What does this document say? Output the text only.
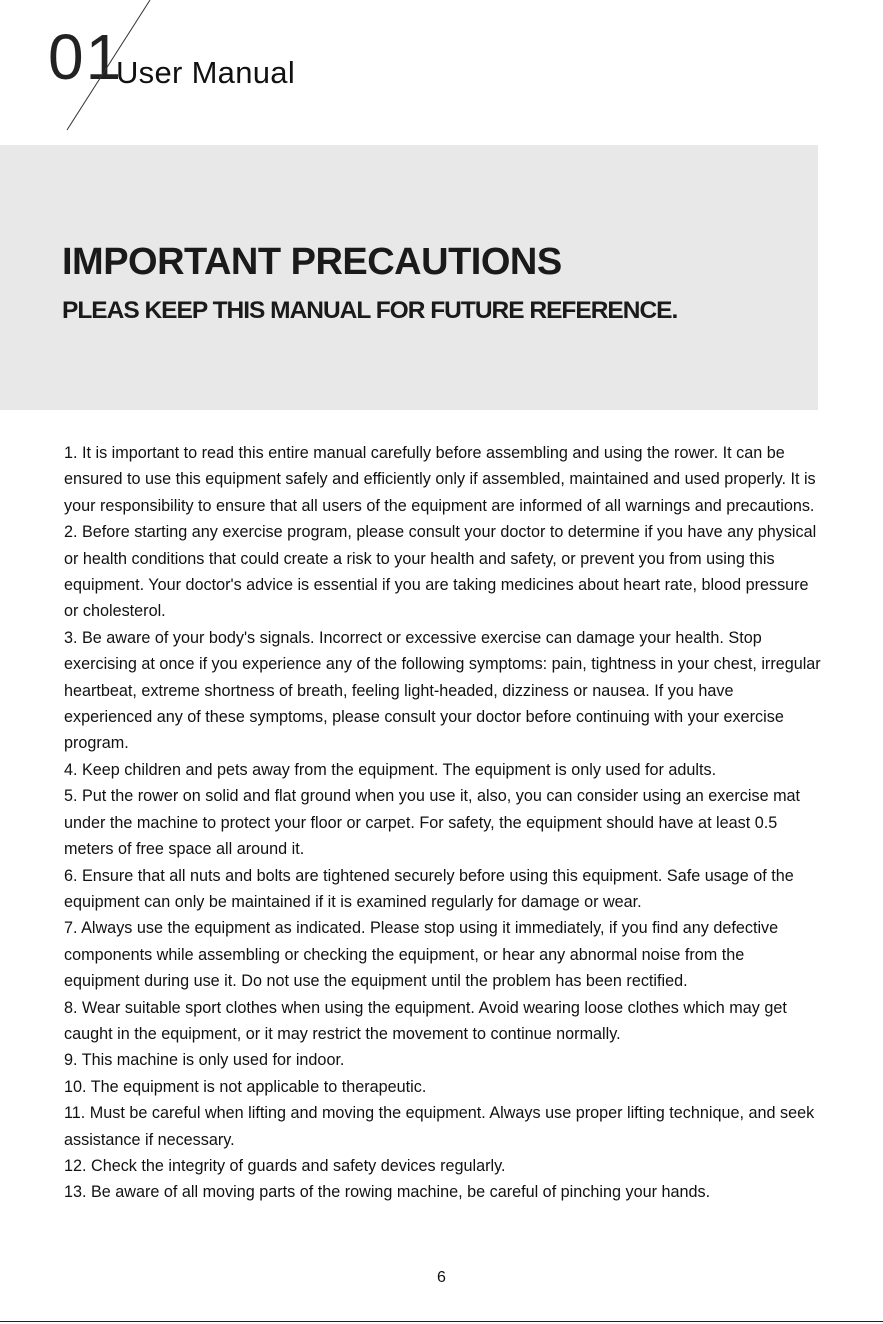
01
User Manual
IMPORTANT PRECAUTIONS
PLEAS KEEP THIS MANUAL FOR FUTURE REFERENCE.

1. It is important to read this entire manual carefully before assembling and using the rower. It can be ensured to use this equipment safely and efficiently only if assembled, maintained and used properly. It is your responsibility to ensure that all users of the equipment are informed of all warnings and precautions.

2. Before starting any exercise program, please consult your doctor to determine if you have any physical or health conditions that could create a risk to your health and safety, or prevent you from using this equipment. Your doctor's advice is essential if you are taking medicines about heart rate, blood pressure or cholesterol.

3. Be aware of your body's signals. Incorrect or excessive exercise can damage your health. Stop exercising at once if you experience any of the following symptoms: pain, tightness in your chest, irregular heartbeat, extreme shortness of breath, feeling light-headed, dizziness or nausea. If you have experienced any of these symptoms, please consult your doctor before continuing with your exercise program.

4. Keep children and pets away from the equipment. The equipment is only used for adults.

5. Put the rower on solid and flat ground when you use it, also, you can consider using an exercise mat under the machine to protect your floor or carpet. For safety, the equipment should have at least 0.5 meters of free space all around it.

6. Ensure that all nuts and bolts are tightened securely before using this equipment. Safe usage of the equipment can only be maintained if it is examined regularly for damage or wear.

7. Always use the equipment as indicated. Please stop using it immediately, if you find any defective components while assembling or checking the equipment, or hear any abnormal noise from the equipment during use it. Do not use the equipment until the problem has been rectified.

8. Wear suitable sport clothes when using the equipment. Avoid wearing loose clothes which may get caught in the equipment, or it may restrict the movement to continue normally.

9. This machine is only used for indoor.

10. The equipment is not applicable to therapeutic.

11. Must be careful when lifting and moving the equipment. Always use proper lifting technique, and seek assistance if necessary.

12. Check the integrity of guards and safety devices regularly.

13. Be aware of all moving parts of the rowing machine, be careful of pinching your hands.

6
